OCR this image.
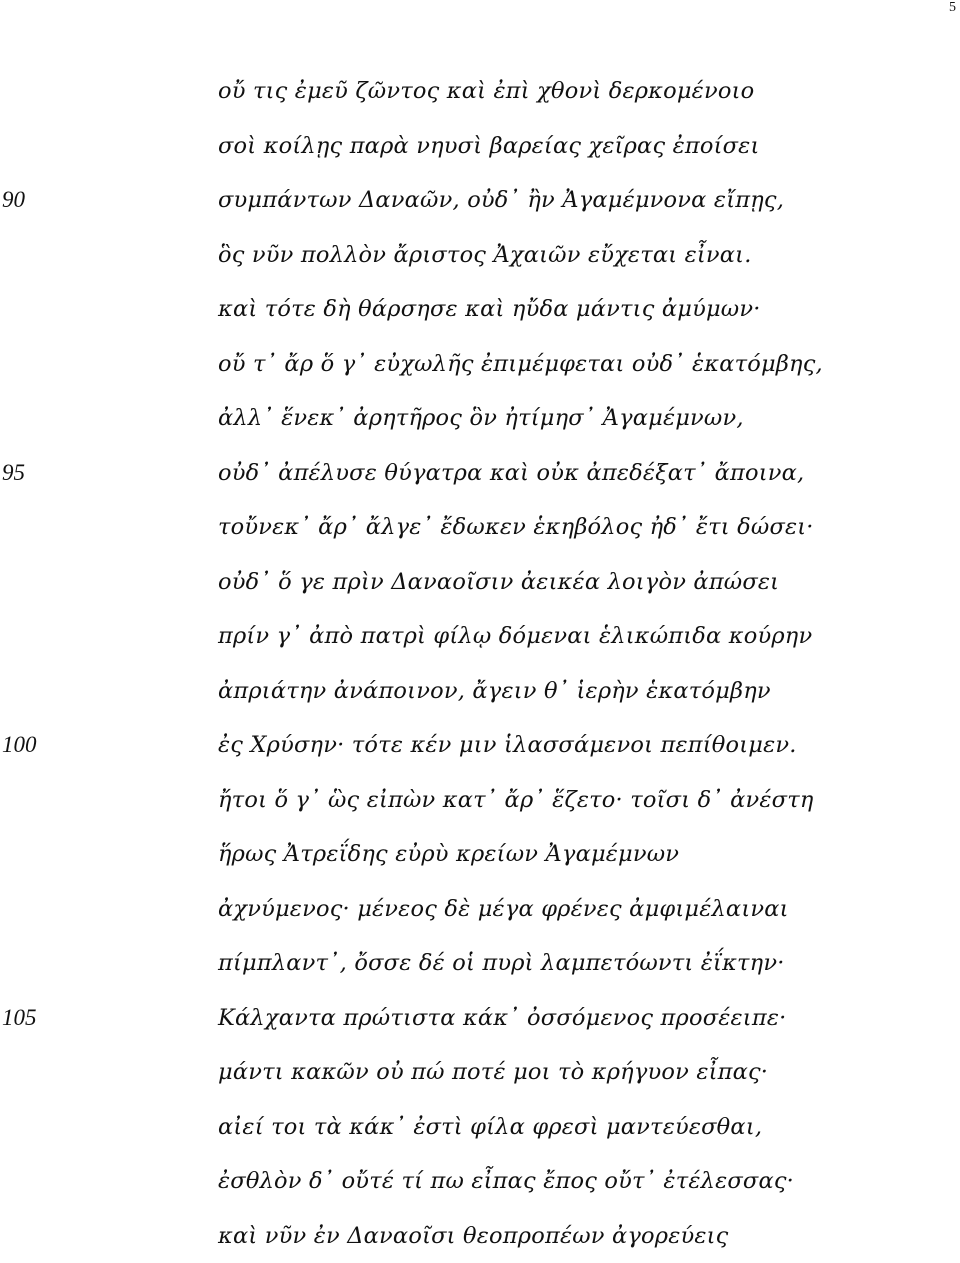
5
οὔ τις ἐμεῦ ζῶντος καὶ ἐπὶ χθονὶ δερκομένοιο
σοὶ κοίλῃς παρὰ νηυσὶ βαρείας χεῖρας ἐποίσει
90	συμπάντων Δαναῶν, οὐδ᾽ ἢν Ἀγαμέμνονα εἴπῃς,
ὃς νῦν πολλὸν ἄριστος Ἀχαιῶν εὔχεται εἶναι.
καὶ τότε δὴ θάρσησε καὶ ηὔδα μάντις ἀμύμων·
οὔ τ᾽ ἄρ ὅ γ᾽ εὐχωλῆς ἐπιμέμφεται οὐδ᾽ ἑκατόμβης,
ἀλλ᾽ ἕνεκ᾽ ἀρητῆρος ὃν ἠτίμησ᾽ Ἀγαμέμνων,
95	οὐδ᾽ ἀπέλυσε θύγατρα καὶ οὐκ ἀπεδέξατ᾽ ἄποινα,
τοὔνεκ᾽ ἄρ᾽ ἄλγε᾽ ἔδωκεν ἑκηβόλος ἠδ᾽ ἔτι δώσει·
οὐδ᾽ ὅ γε πρὶν Δαναοῖσιν ἀεικέα λοιγὸν ἀπώσει
πρίν γ᾽ ἀπὸ πατρὶ φίλῳ δόμεναι ἑλικώπιδα κούρην
ἀπριάτην ἀνάποινον, ἄγειν θ᾽ ἱερὴν ἑκατόμβην
100	ἐς Χρύσην· τότε κέν μιν ἱλασσάμενοι πεπίθοιμεν.
ἤτοι ὅ γ᾽ ὣς εἰπὼν κατ᾽ ἄρ᾽ ἕζετο· τοῖσι δ᾽ ἀνέστη
ἥρως Ἀτρεΐδης εὐρὺ κρείων Ἀγαμέμνων
ἀχνύμενος· μένεος δὲ μέγα φρένες ἀμφιμέλαιναι
πίμπλαντ᾽, ὄσσε δέ οἱ πυρὶ λαμπετόωντι ἐΐκτην·
105	Κάλχαντα πρώτιστα κάκ᾽ ὀσσόμενος προσέειπε·
μάντι κακῶν οὐ πώ ποτέ μοι τὸ κρήγυον εἶπας·
αἰεί τοι τὰ κάκ᾽ ἐστὶ φίλα φρεσὶ μαντεύεσθαι,
ἐσθλὸν δ᾽ οὔτέ τί πω εἶπας ἔπος οὔτ᾽ ἐτέλεσσας·
καὶ νῦν ἐν Δαναοῖσι θεοπροπέων ἀγορεύεις
